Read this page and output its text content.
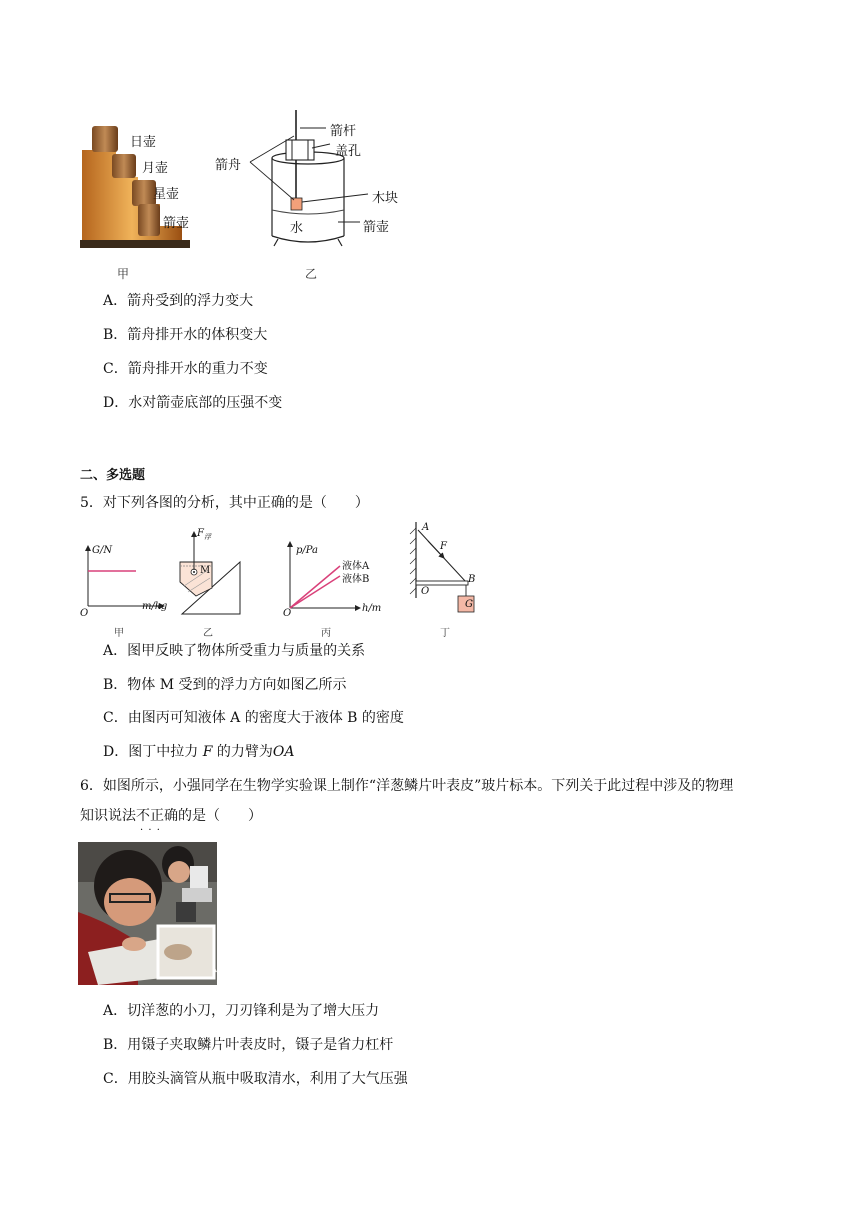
日壶
月壶
星壶
箭壶
甲
箭杆
箭舟
盖孔
木块
水	箭壶
乙
A．箭舟受到的浮力变大
B．箭舟排开水的体积变大
C．箭舟排开水的重力不变
D．水对箭壶底部的压强不变
二、多选题
5．对下列各图的分析，其中正确的是（　　）
G/N
m/kg
O
甲
$F_浮$
M
乙
p/Pa
液体A
液体B
h/m
O
丙
A
F
B
O
G
丁
A．图甲反映了物体所受重力与质量的关系
B．物体 M 受到的浮力方向如图乙所示
C．由图丙可知液体 A 的密度大于液体 B 的密度
D．图丁中拉力 F 的力臂为OA
6．如图所示，小强同学在生物学实验课上制作“洋葱鳞片叶表皮”玻片标本。下列关于此过程中涉及的物理
知识说法不正确 · · ·的是（　　）
A．切洋葱的小刀，刀刃锋利是为了增大压力
B．用镊子夹取鳞片叶表皮时，镊子是省力杠杆
C．用胶头滴管从瓶中吸取清水，利用了大气压强
